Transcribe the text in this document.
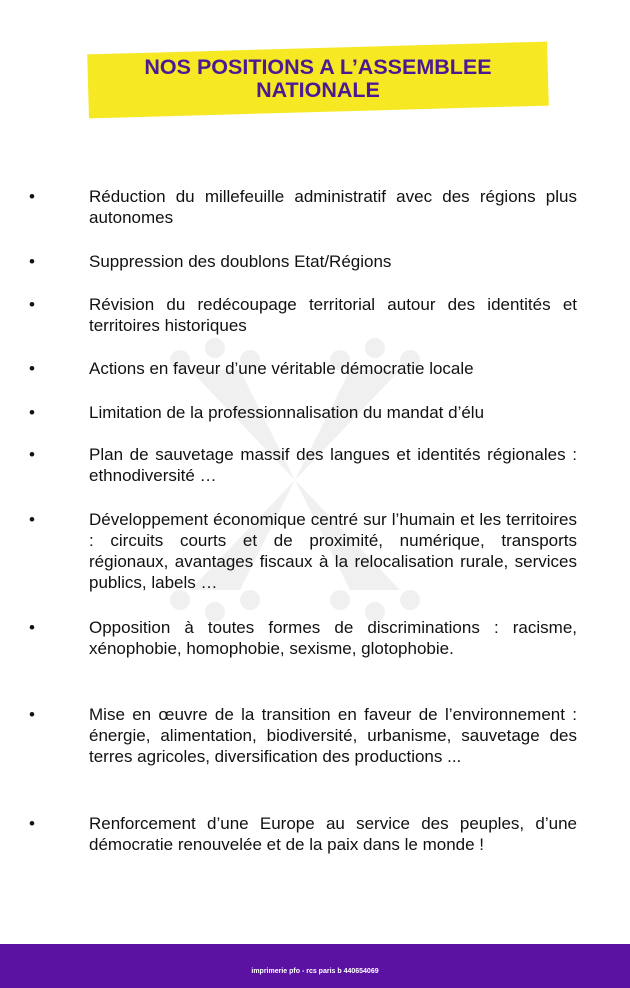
NOS POSITIONS A L’ASSEMBLEE
NATIONALE
•	Réduction du millefeuille administratif avec des régions plus autonomes
•	Suppression des doublons Etat/Régions
•	Révision du redécoupage territorial autour des identités et territoires historiques
•	Actions en faveur d’une véritable démocratie locale
•	Limitation de la professionnalisation du mandat d’élu
•	Plan de sauvetage massif des langues et identités régionales : ethnodiversité …
•	Développement économique centré sur l’humain et les territoires : circuits courts et de proximité, numérique, transports régionaux, avantages fiscaux à la relocalisation rurale, services publics, labels …
•	Opposition à toutes formes de discriminations : racisme, xénophobie, homophobie, sexisme, glotophobie.
•	Mise en œuvre de la transition en faveur de l’environnement : énergie, alimentation, biodiversité, urbanisme, sauvetage des terres agricoles, diversification des productions ...
•	Renforcement d’une Europe au service des peuples, d’une démocratie renouvelée et de la paix dans le monde !
imprimerie pfo - rcs paris b 440654069
